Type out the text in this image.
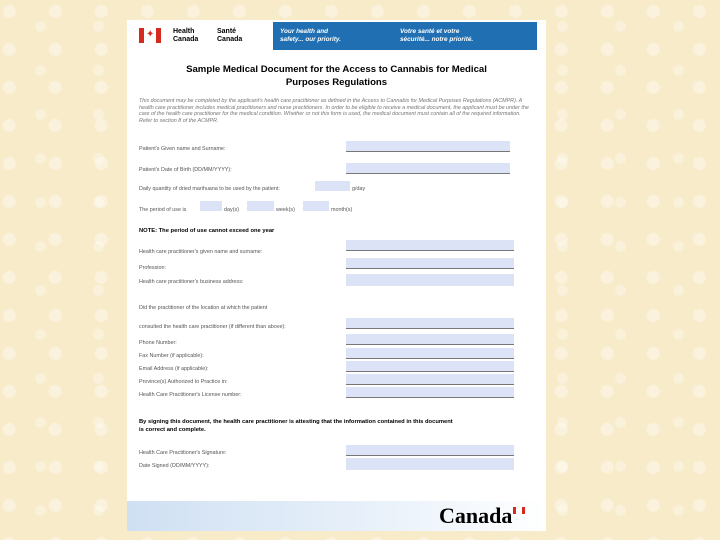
✦	Health
Canada
Santé
Canada
Your health and
safety... our priority.
Votre santé et votre
sécurité... notre priorité.
Sample Medical Document for the Access to Cannabis for Medical
Purposes Regulations
This document may be completed by the applicant's health care practitioner as defined in the Access to Cannabis for Medical Purposes Regulations (ACMPR). A health care practitioner includes medical practitioners and nurse practitioners. In order to be eligible to receive a medical document, the applicant must be under the care of the health care practitioner for the medical condition. Whether or not this form is used, the medical document must contain all of the required information. Refer to section 8 of the ACMPR.
Patient's Given name and Surname:
Patient's Date of Birth (DD/MM/YYYY):
Daily quantity of dried marihuana to be used by the patient:	g/day
The period of use is	day(s)	week(s)	month(s)
NOTE: The period of use cannot exceed one year
Health care practitioner's given name and surname:
Profession:
Health care practitioner's business address:
Did the practitioner of the location at which the patient
consulted the health care practitioner (if different than above):
Phone Number:
Fax Number (if applicable):
Email Address (if applicable):
Province(s) Authorized to Practice in:
Health Care Practitioner's License number:
By signing this document, the health care practitioner is attesting that the information contained in this document
is correct and complete.
Health Care Practitioner's Signature:
Date Signed (DD/MM/YYYY):
Canada
